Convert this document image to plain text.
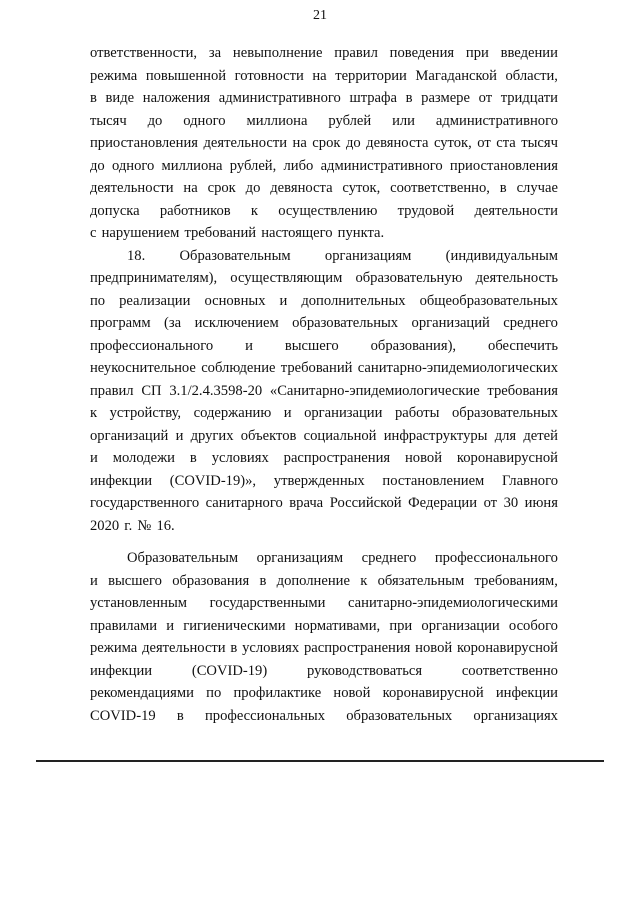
21
ответственности, за невыполнение правил поведения при введении
режима повышенной готовности на территории Магаданской области,
в виде наложения административного штрафа в размере от тридцати
тысяч до одного миллиона рублей или административного
приостановления деятельности на срок до девяноста суток, от ста тысяч
до одного миллиона рублей, либо административного приостановления
деятельности на срок до девяноста суток, соответственно, в случае
допуска работников к осуществлению трудовой деятельности
с нарушением требований настоящего пункта.
18. Образовательным организациям (индивидуальным
предпринимателям), осуществляющим образовательную деятельность
по реализации основных и дополнительных общеобразовательных
программ (за исключением образовательных организаций среднего
профессионального и высшего образования), обеспечить
неукоснительное соблюдение требований санитарно-эпидемиологических
правил СП 3.1/2.4.3598-20 «Санитарно-эпидемиологические требования
к устройству, содержанию и организации работы образовательных
организаций и других объектов социальной инфраструктуры для детей
и молодежи в условиях распространения новой коронавирусной
инфекции (COVID-19)», утвержденных постановлением Главного
государственного санитарного врача Российской Федерации от 30 июня
2020 г. № 16.
Образовательным организациям среднего профессионального
и высшего образования в дополнение к обязательным требованиям,
установленным государственными санитарно-эпидемиологическими
правилами и гигиеническими нормативами, при организации особого
режима деятельности в условиях распространения новой коронавирусной
инфекции	(COVID-19)	руководствоваться	соответственно
рекомендациями по профилактике новой коронавирусной инфекции
COVID-19 в профессиональных образовательных организациях
